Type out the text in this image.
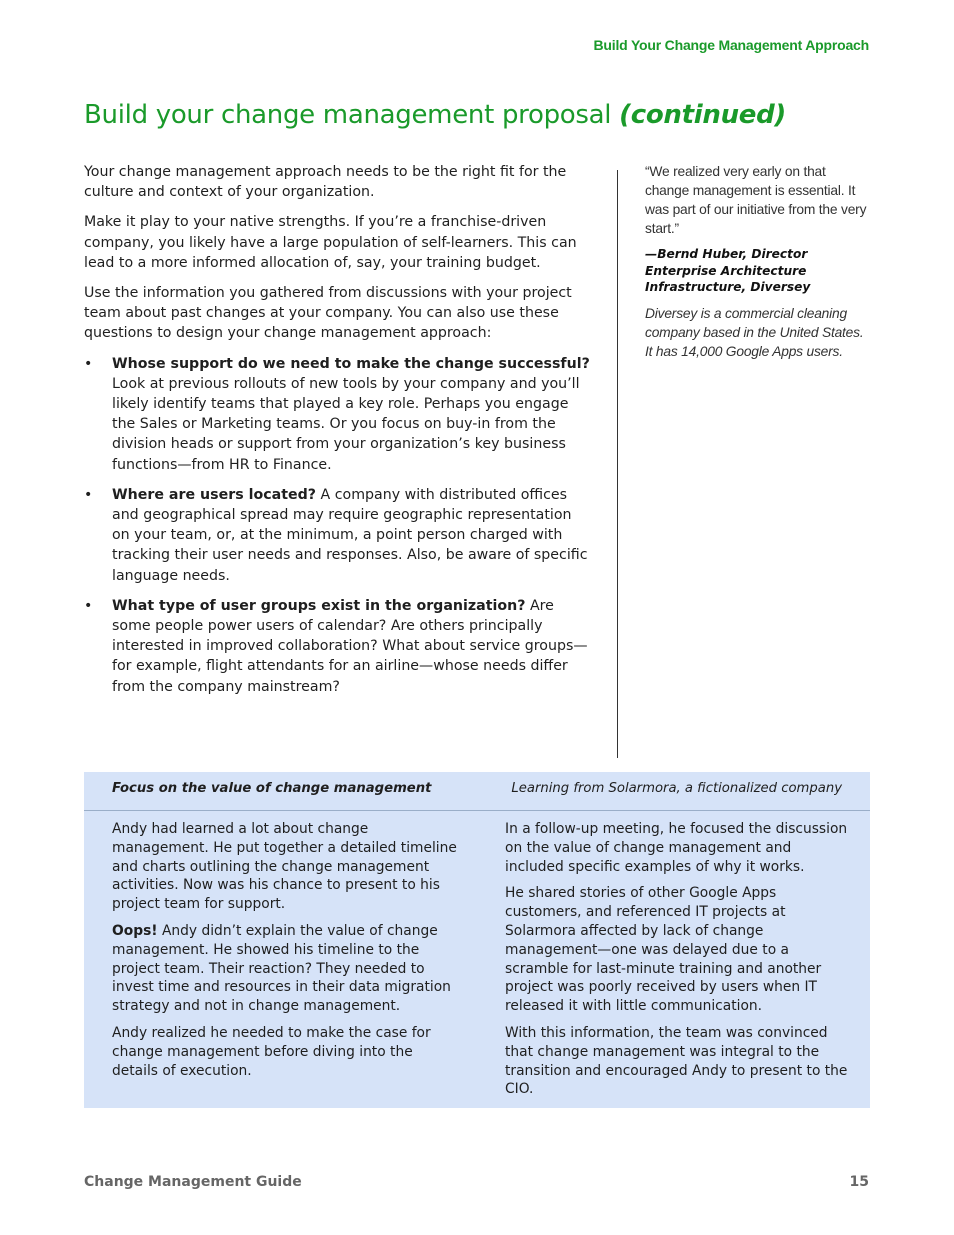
Build Your Change Management Approach
Build your change management proposal (continued)

Your change management approach needs to be the right fit for the culture and context of your organization.

Make it play to your native strengths. If you’re a franchise-driven company, you likely have a large population of self-learners. This can lead to a more informed allocation of, say, your training budget.

Use the information you gathered from discussions with your project team about past changes at your company. You can also use these questions to design your change management approach:

• Whose support do we need to make the change successful? Look at previous rollouts of new tools by your company and you’ll likely identify teams that played a key role. Perhaps you engage the Sales or Marketing teams. Or you focus on buy-in from the division heads or support from your organization’s key business functions—from HR to Finance.
• Where are users located? A company with distributed offices and geographical spread may require geographic representation on your team, or, at the minimum, a point person charged with tracking their user needs and responses. Also, be aware of specific language needs.
• What type of user groups exist in the organization? Are some people power users of calendar? Are others principally interested in improved collaboration? What about service groups—for example, flight attendants for an airline—whose needs differ from the company mainstream?

“We realized very early on that change management is essential. It was part of our initiative from the very start.”

—Bernd Huber, Director Enterprise Architecture Infrastructure, Diversey

Diversey is a commercial cleaning company based in the United States. It has 14,000 Google Apps users.

Focus on the value of change management	Learning from Solarmora, a fictionalized company

Andy had learned a lot about change management. He put together a detailed timeline and charts outlining the change management activities. Now was his chance to present to his project team for support.

Oops! Andy didn’t explain the value of change management. He showed his timeline to the project team. Their reaction? They needed to invest time and resources in their data migration strategy and not in change management.

Andy realized he needed to make the case for change management before diving into the details of execution.

In a follow-up meeting, he focused the discussion on the value of change management and included specific examples of why it works.

He shared stories of other Google Apps customers, and referenced IT projects at Solarmora affected by lack of change management—one was delayed due to a scramble for last-minute training and another project was poorly received by users when IT released it with little communication.

With this information, the team was convinced that change management was integral to the transition and encouraged Andy to present to the CIO.

Change Management Guide	15
